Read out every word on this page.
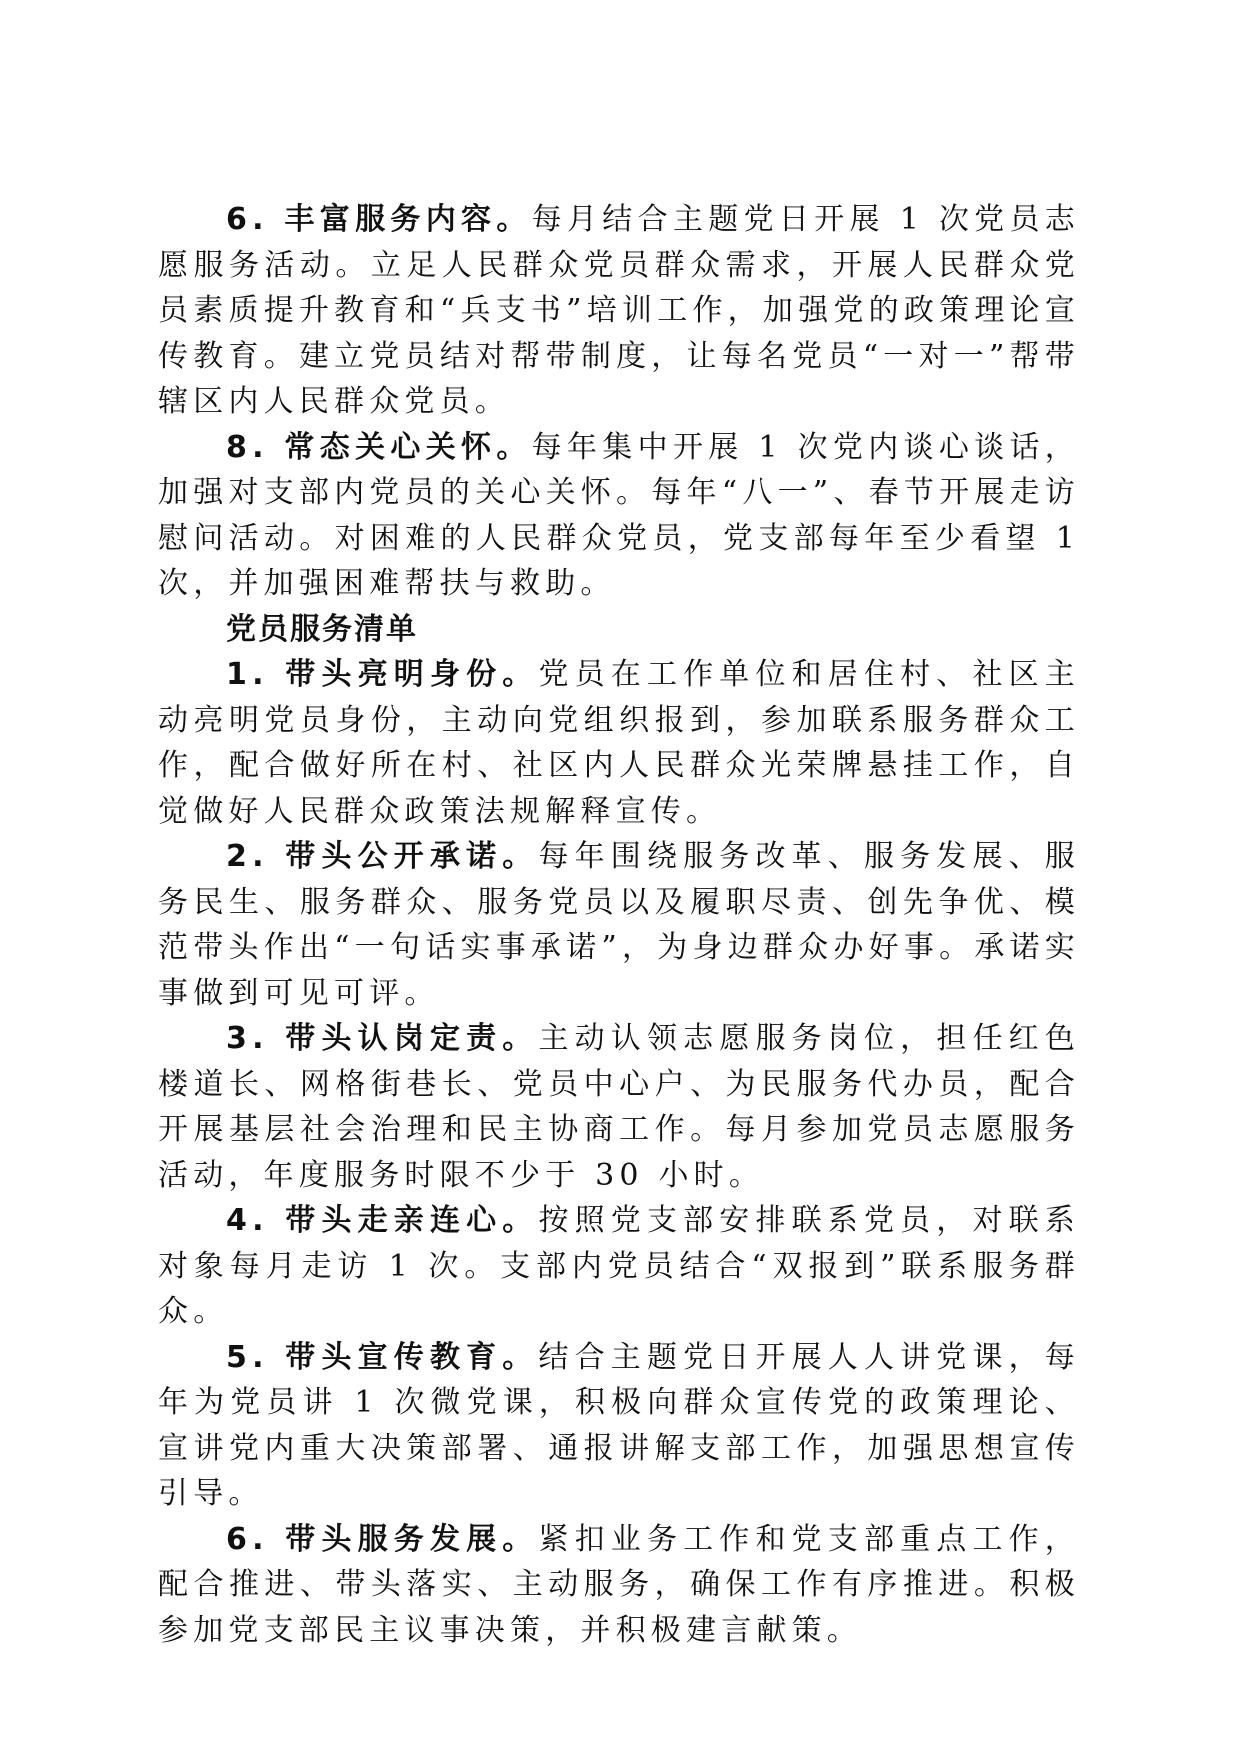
6. 丰富服务内容。每月结合主题党日开展 1 次党员志愿服务活动。立足人民群众党员群众需求，开展人民群众党员素质提升教育和“兵支书”培训工作，加强党的政策理论宣传教育。建立党员结对帮带制度，让每名党员“一对一”帮带辖区内人民群众党员。

8. 常态关心关怀。每年集中开展 1 次党内谈心谈话，加强对支部内党员的关心关怀。每年“八一”、春节开展走访慰问活动。对困难的人民群众党员，党支部每年至少看望 1 次，并加强困难帮扶与救助。

党员服务清单

1. 带头亮明身份。党员在工作单位和居住村、社区主动亮明党员身份，主动向党组织报到，参加联系服务群众工作，配合做好所在村、社区内人民群众光荣牌悬挂工作，自觉做好人民群众政策法规解释宣传。

2. 带头公开承诺。每年围绕服务改革、服务发展、服务民生、服务群众、服务党员以及履职尽责、创先争优、模范带头作出“一句话实事承诺”，为身边群众办好事。承诺实事做到可见可评。

3. 带头认岗定责。主动认领志愿服务岗位，担任红色楼道长、网格街巷长、党员中心户、为民服务代办员，配合开展基层社会治理和民主协商工作。每月参加党员志愿服务活动，年度服务时限不少于 30 小时。

4. 带头走亲连心。按照党支部安排联系党员，对联系对象每月走访 1 次。支部内党员结合“双报到”联系服务群众。

5. 带头宣传教育。结合主题党日开展人人讲党课，每年为党员讲 1 次微党课，积极向群众宣传党的政策理论、宣讲党内重大决策部署、通报讲解支部工作，加强思想宣传引导。

6. 带头服务发展。紧扣业务工作和党支部重点工作，配合推进、带头落实、主动服务，确保工作有序推进。积极参加党支部民主议事决策，并积极建言献策。
